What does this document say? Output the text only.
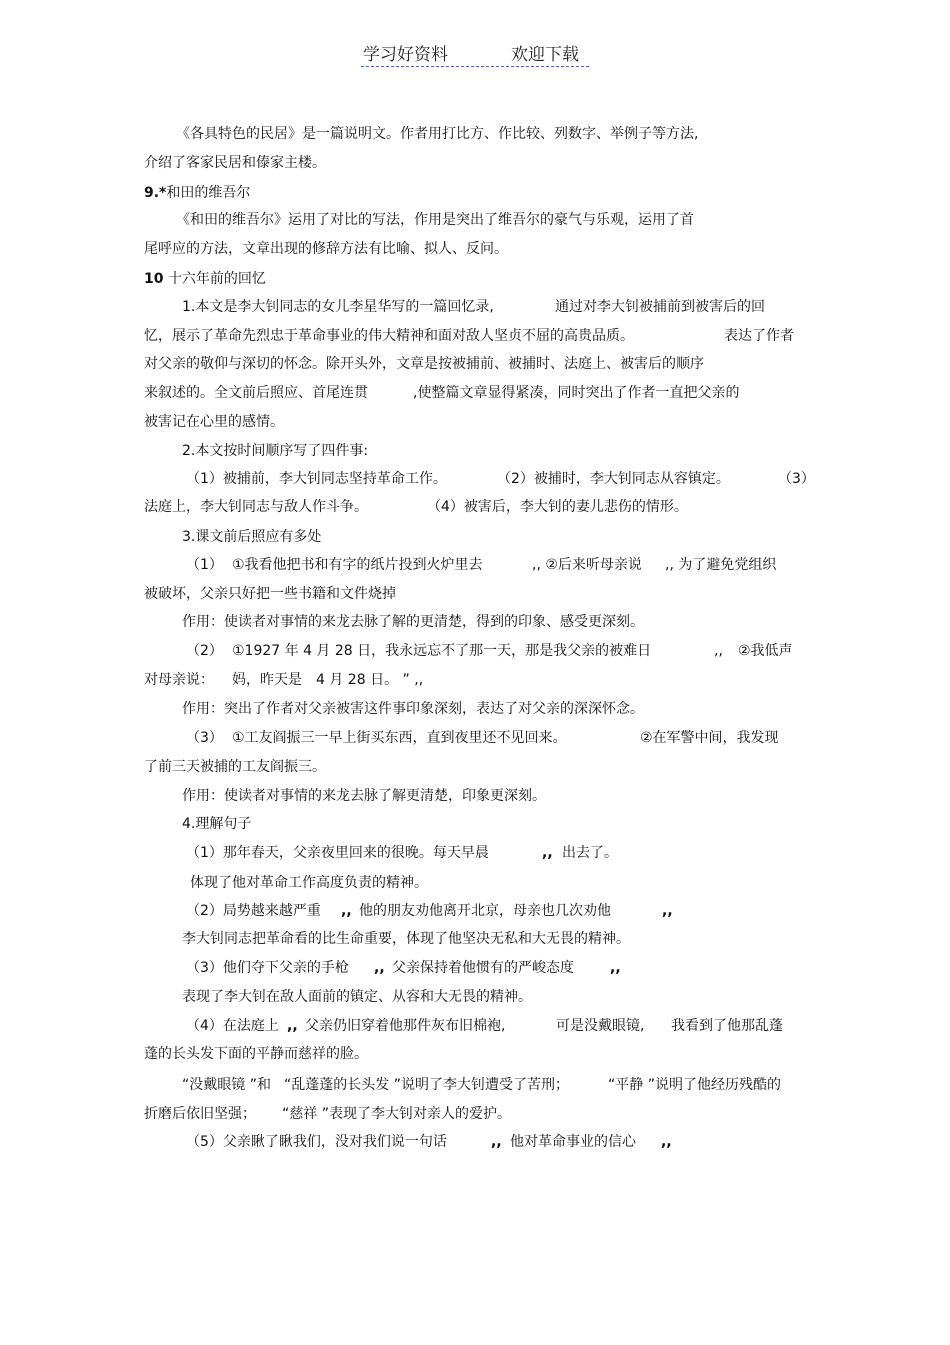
学习好资料	欢迎下载
《各具特色的民居》是一篇说明文。作者用打比方、作比较、列数字、举例子等方法,
介绍了客家民居和傣家主楼。
9.*和田的维吾尔
《和田的维吾尔》运用了对比的写法，作用是突出了维吾尔的豪气与乐观，运用了首
尾呼应的方法，文章出现的修辞方法有比喻、拟人、反问。
10 十六年前的回忆
1.本文是李大钊同志的女儿李星华写的一篇回忆录,	通过对李大钊被捕前到被害后的回
忆，展示了革命先烈忠于革命事业的伟大精神和面对敌人坚贞不屈的高贵品质。	表达了作者
对父亲的敬仰与深切的怀念。除开头外，文章是按被捕前、被捕时、法庭上、被害后的顺序
来叙述的。全文前后照应、首尾连贯	,使整篇文章显得紧凑，同时突出了作者一直把父亲的
被害记在心里的感情。
2.本文按时间顺序写了四件事:
（1）被捕前，李大钊同志坚持革命工作。	（2）被捕时，李大钊同志从容镇定。	（3）
法庭上，李大钊同志与敌人作斗争。	（4）被害后，李大钊的妻儿悲伤的情形。
3.课文前后照应有多处
（1） ①我看他把书和有字的纸片投到火炉里去	,, ②后来听母亲说 ,, 为了避免党组织
被破坏，父亲只好把一些书籍和文件烧掉
作用：使读者对事情的来龙去脉了解的更清楚，得到的印象、感受更深刻。
（2） ①1927 年 4 月 28 日，我永远忘不了那一天，那是我父亲的被难日	,, ②我低声
对母亲说： 妈，昨天是　4 月 28 日。 ” ,,
作用：突出了作者对父亲被害这件事印象深刻，表达了对父亲的深深怀念。
（3） ①工友阎振三一早上街买东西，直到夜里还不见回来。	②在军警中间，我发现
了前三天被捕的工友阎振三。
作用：使读者对事情的来龙去脉了解更清楚，印象更深刻。
4.理解句子
（1）那年春天，父亲夜里回来的很晚。每天早晨	,, 出去了。
体现了他对革命工作高度负责的精神。
（2）局势越来越严重 ,, 他的朋友劝他离开北京，母亲也几次劝他	,,
李大钊同志把革命看的比生命重要，体现了他坚决无私和大无畏的精神。
（3）他们夺下父亲的手枪 ,, 父亲保持着他惯有的严峻态度	,,
表现了李大钊在敌人面前的镇定、从容和大无畏的精神。
（4）在法庭上 ,, 父亲仍旧穿着他那件灰布旧棉袍,	可是没戴眼镜, 我看到了他那乱蓬
蓬的长头发下面的平静而慈祥的脸。
“没戴眼镜 ”和 “乱蓬蓬的长头发 ”说明了李大钊遭受了苦刑；	“平静 ”说明了他经历残酷的
折磨后依旧坚强； “慈祥 ”表现了李大钊对亲人的爱护。
（5）父亲瞅了瞅我们，没对我们说一句话	,, 他对革命事业的信心 ,,
